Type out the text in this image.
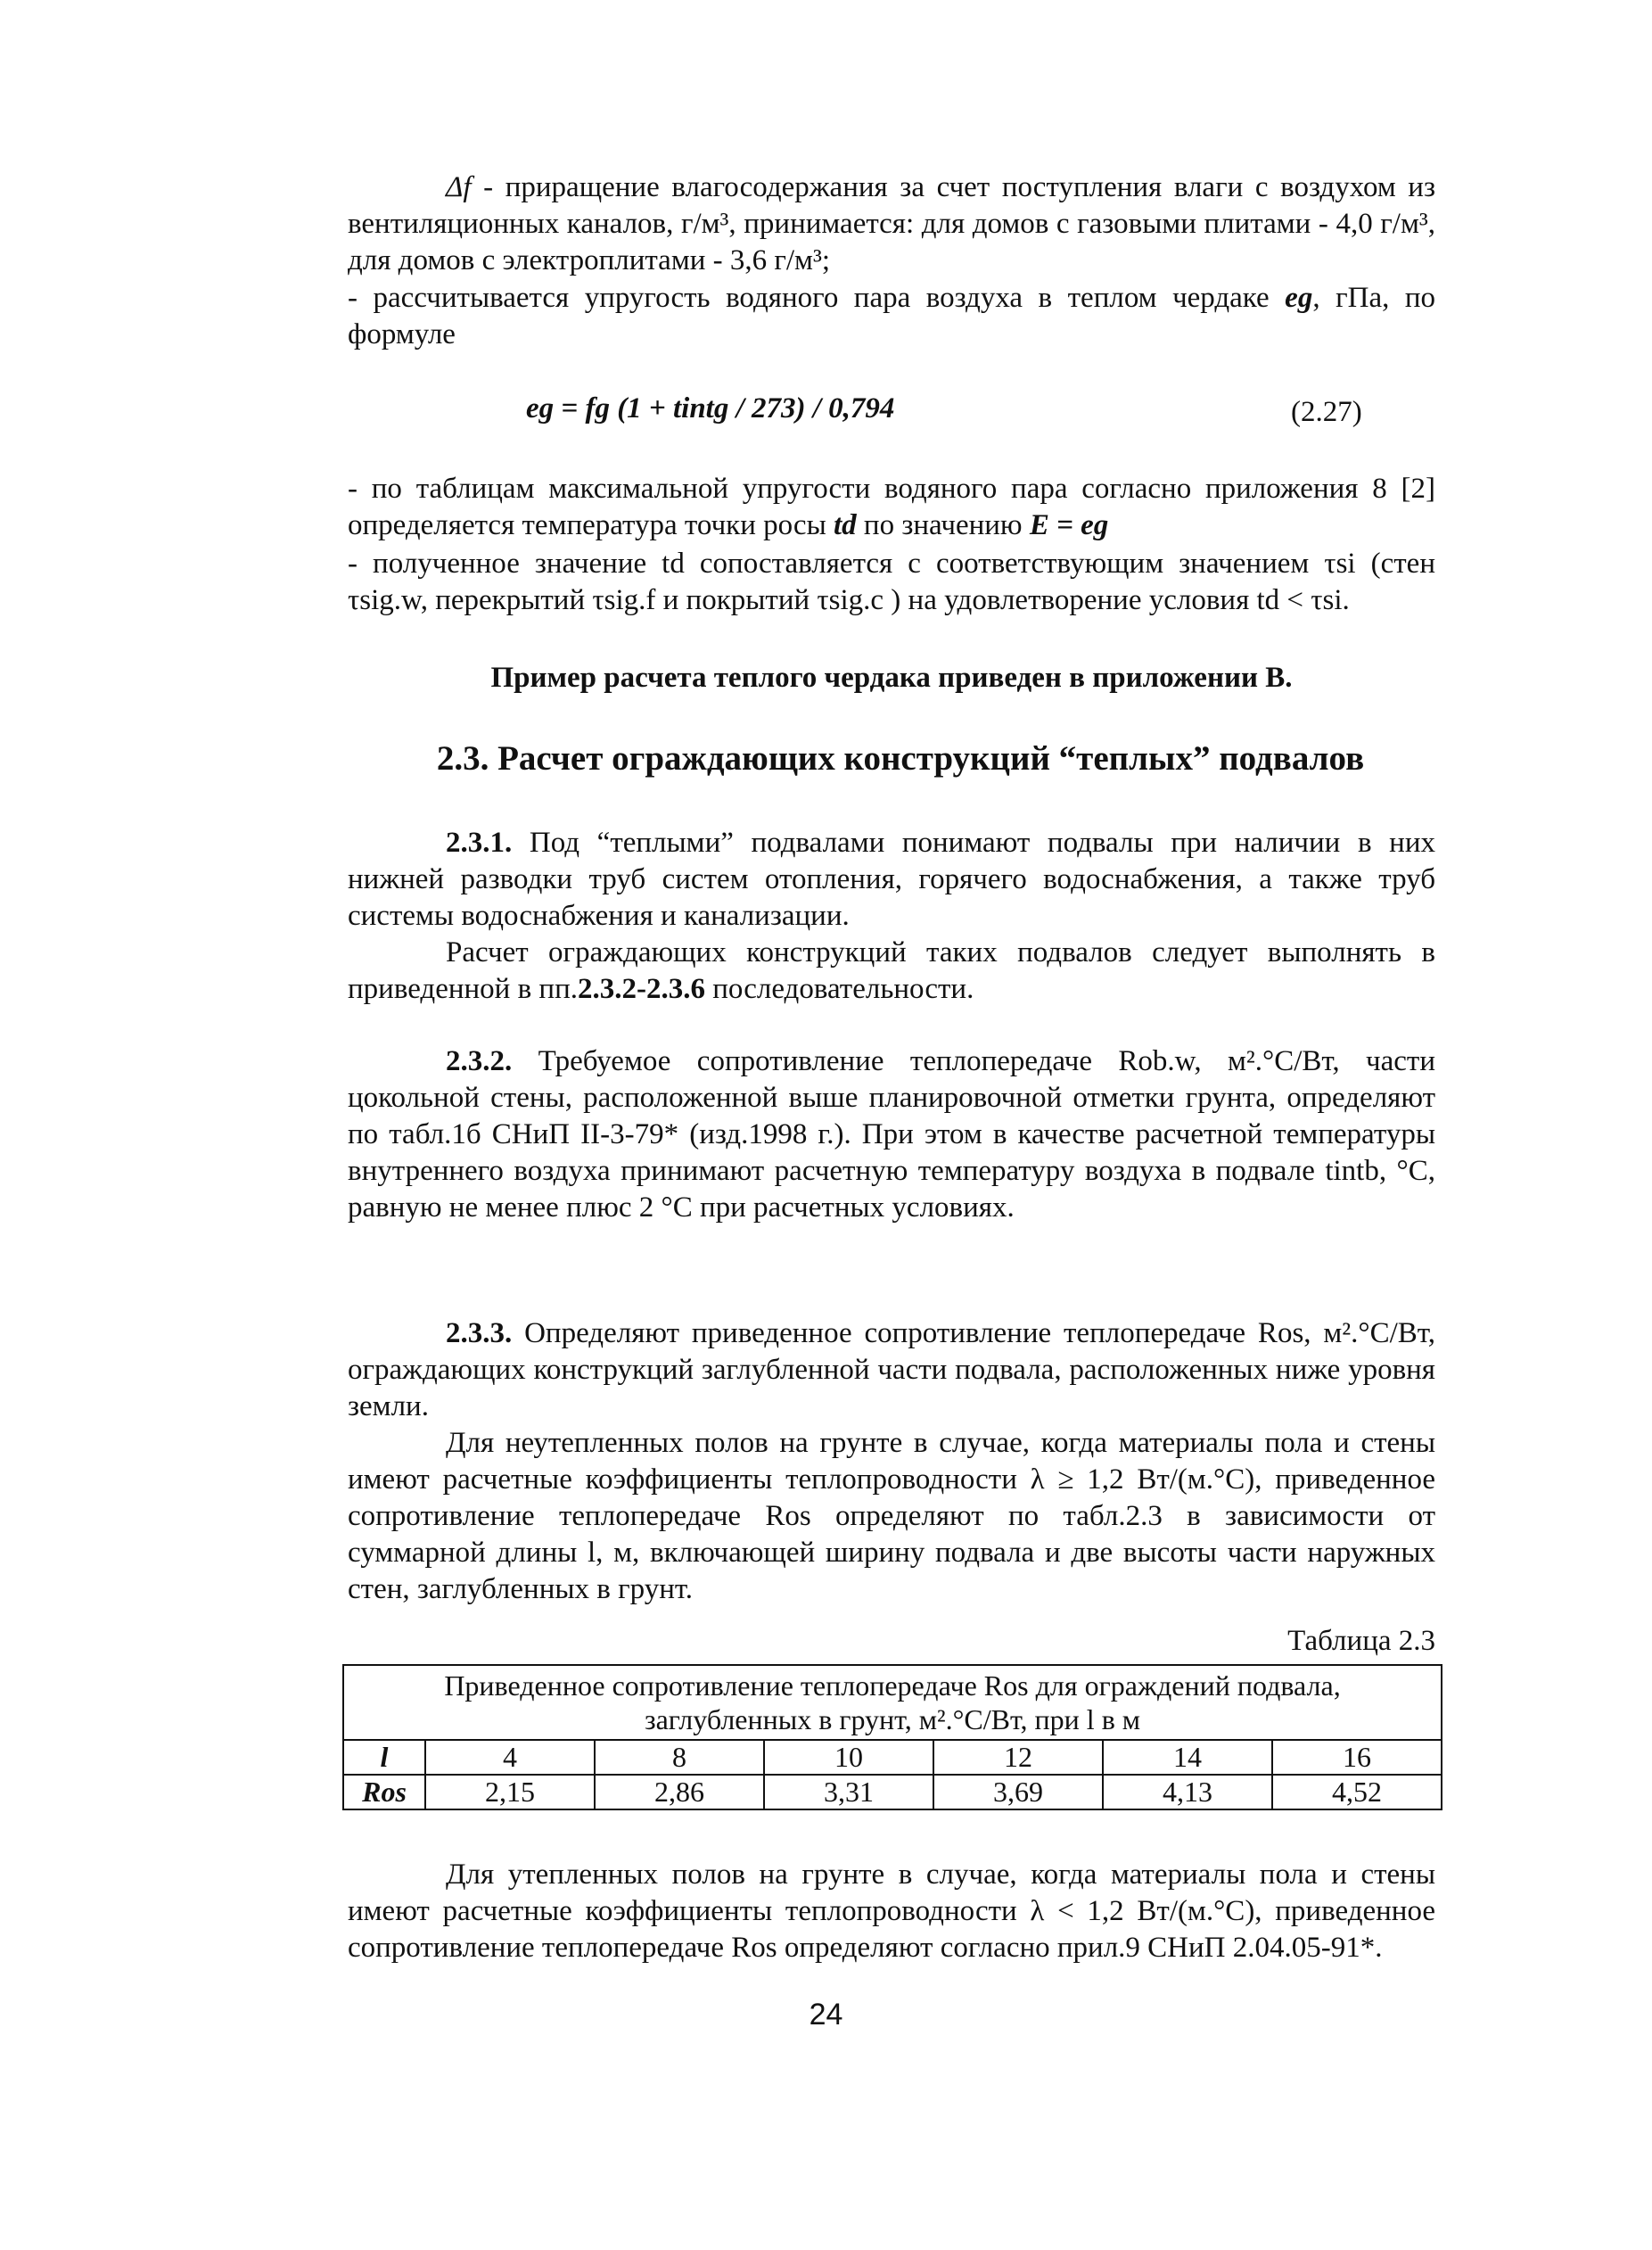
Δf - приращение влагосодержания за счет поступления влаги с воздухом из вентиляционных каналов, г/м³, принимается: для домов с газовыми плитами - 4,0 г/м³, для домов с электроплитами - 3,6 г/м³;

- рассчитывается упругость водяного пара воздуха в теплом чердаке eg, гПа, по формуле

eg = fg (1 + tintg / 273) / 0,794	(2.27)

- по таблицам максимальной упругости водяного пара согласно приложения 8 [2] определяется температура точки росы td по значению E = eg

- полученное значение td сопоставляется с соответствующим значением τsi (стен τsig.w, перекрытий τsig.f и покрытий τsig.c ) на удовлетворение условия td < τsi.

Пример расчета теплого чердака приведен в приложении В.

2.3. Расчет ограждающих конструкций “теплых” подвалов

2.3.1. Под “теплыми” подвалами понимают подвалы при наличии в них нижней разводки труб систем отопления, горячего водоснабжения, а также труб системы водоснабжения и канализации.

Расчет ограждающих конструкций таких подвалов следует выполнять в приведенной в пп.2.3.2-2.3.6 последовательности.

2.3.2. Требуемое сопротивление теплопередаче Rob.w, м².°С/Вт, части цокольной стены, расположенной выше планировочной отметки грунта, определяют по табл.1б СНиП II-3-79* (изд.1998 г.). При этом в качестве расчетной температуры внутреннего воздуха принимают расчетную температуру воздуха в подвале tintb, °С, равную не менее плюс 2 °С при расчетных условиях.

2.3.3. Определяют приведенное сопротивление теплопередаче Ros, м².°С/Вт, ограждающих конструкций заглубленной части подвала, расположенных ниже уровня земли.

Для неутепленных полов на грунте в случае, когда материалы пола и стены имеют расчетные коэффициенты теплопроводности λ ≥ 1,2 Вт/(м.°С), приведенное сопротивление теплопередаче Ros определяют по табл.2.3 в зависимости от суммарной длины l, м, включающей ширину подвала и две высоты части наружных стен, заглубленных в грунт.

Таблица 2.3
Приведенное сопротивление теплопередаче Ros для ограждений подвала,
заглубленных в грунт, м².°С/Вт, при l в м						

l	4	8	10	12	14	16
Ros	2,15	2,86	3,31	3,69	4,13	4,52

Для утепленных полов на грунте в случае, когда материалы пола и стены имеют расчетные коэффициенты теплопроводности λ < 1,2 Вт/(м.°С), приведенное сопротивление теплопередаче Ros определяют согласно прил.9 СНиП 2.04.05-91*.

24
